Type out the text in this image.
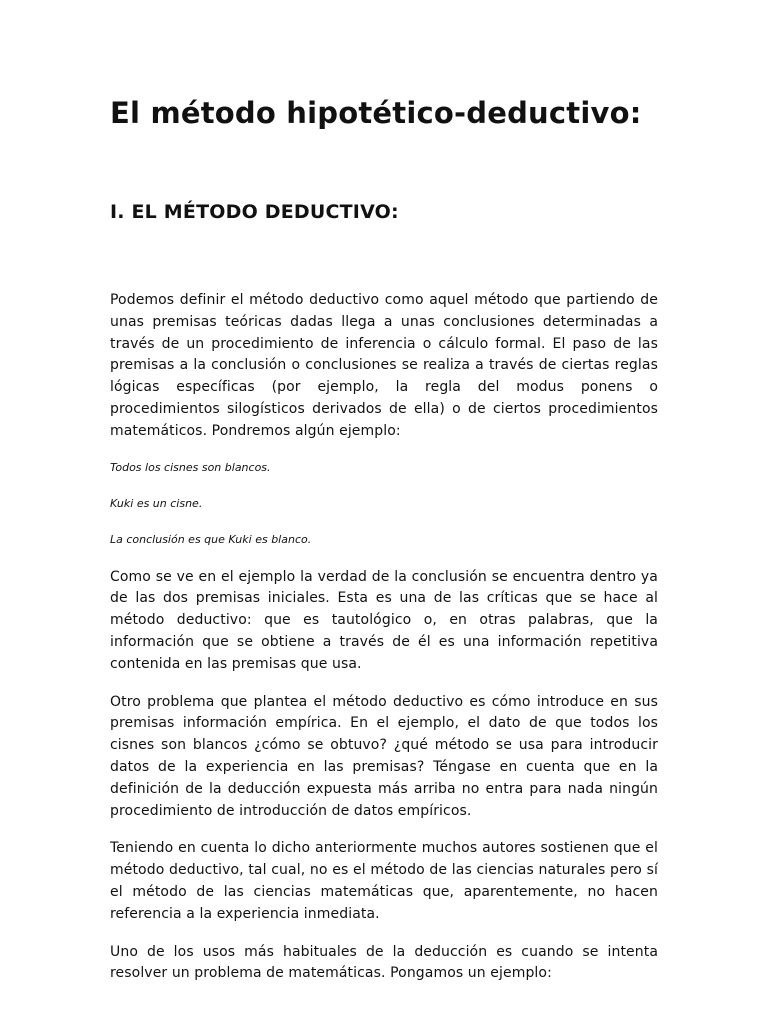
El método hipotético-deductivo:
I. EL MÉTODO DEDUCTIVO:

Podemos definir el método deductivo como aquel método que partiendo de unas premisas teóricas dadas llega a unas conclusiones determinadas a través de un procedimiento de inferencia o cálculo formal. El paso de las premisas a la conclusión o conclusiones se realiza a través de ciertas reglas lógicas específicas (por ejemplo, la regla del modus ponens o procedimientos silogísticos derivados de ella) o de ciertos procedimientos matemáticos. Pondremos algún ejemplo:

Todos los cisnes son blancos.

Kuki es un cisne.

La conclusión es que Kuki es blanco.

Como se ve en el ejemplo la verdad de la conclusión se encuentra dentro ya de las dos premisas iniciales. Esta es una de las críticas que se hace al método deductivo: que es tautológico o, en otras palabras, que la información que se obtiene a través de él es una información repetitiva contenida en las premisas que usa.

Otro problema que plantea el método deductivo es cómo introduce en sus premisas información empírica. En el ejemplo, el dato de que todos los cisnes son blancos ¿cómo se obtuvo? ¿qué método se usa para introducir datos de la experiencia en las premisas? Téngase en cuenta que en la definición de la deducción expuesta más arriba no entra para nada ningún procedimiento de introducción de datos empíricos.

Teniendo en cuenta lo dicho anteriormente muchos autores sostienen que el método deductivo, tal cual, no es el método de las ciencias naturales pero sí el método de las ciencias matemáticas que, aparentemente, no hacen referencia a la experiencia inmediata.

Uno de los usos más habituales de la deducción es cuando se intenta resolver un problema de matemáticas. Pongamos un ejemplo:
